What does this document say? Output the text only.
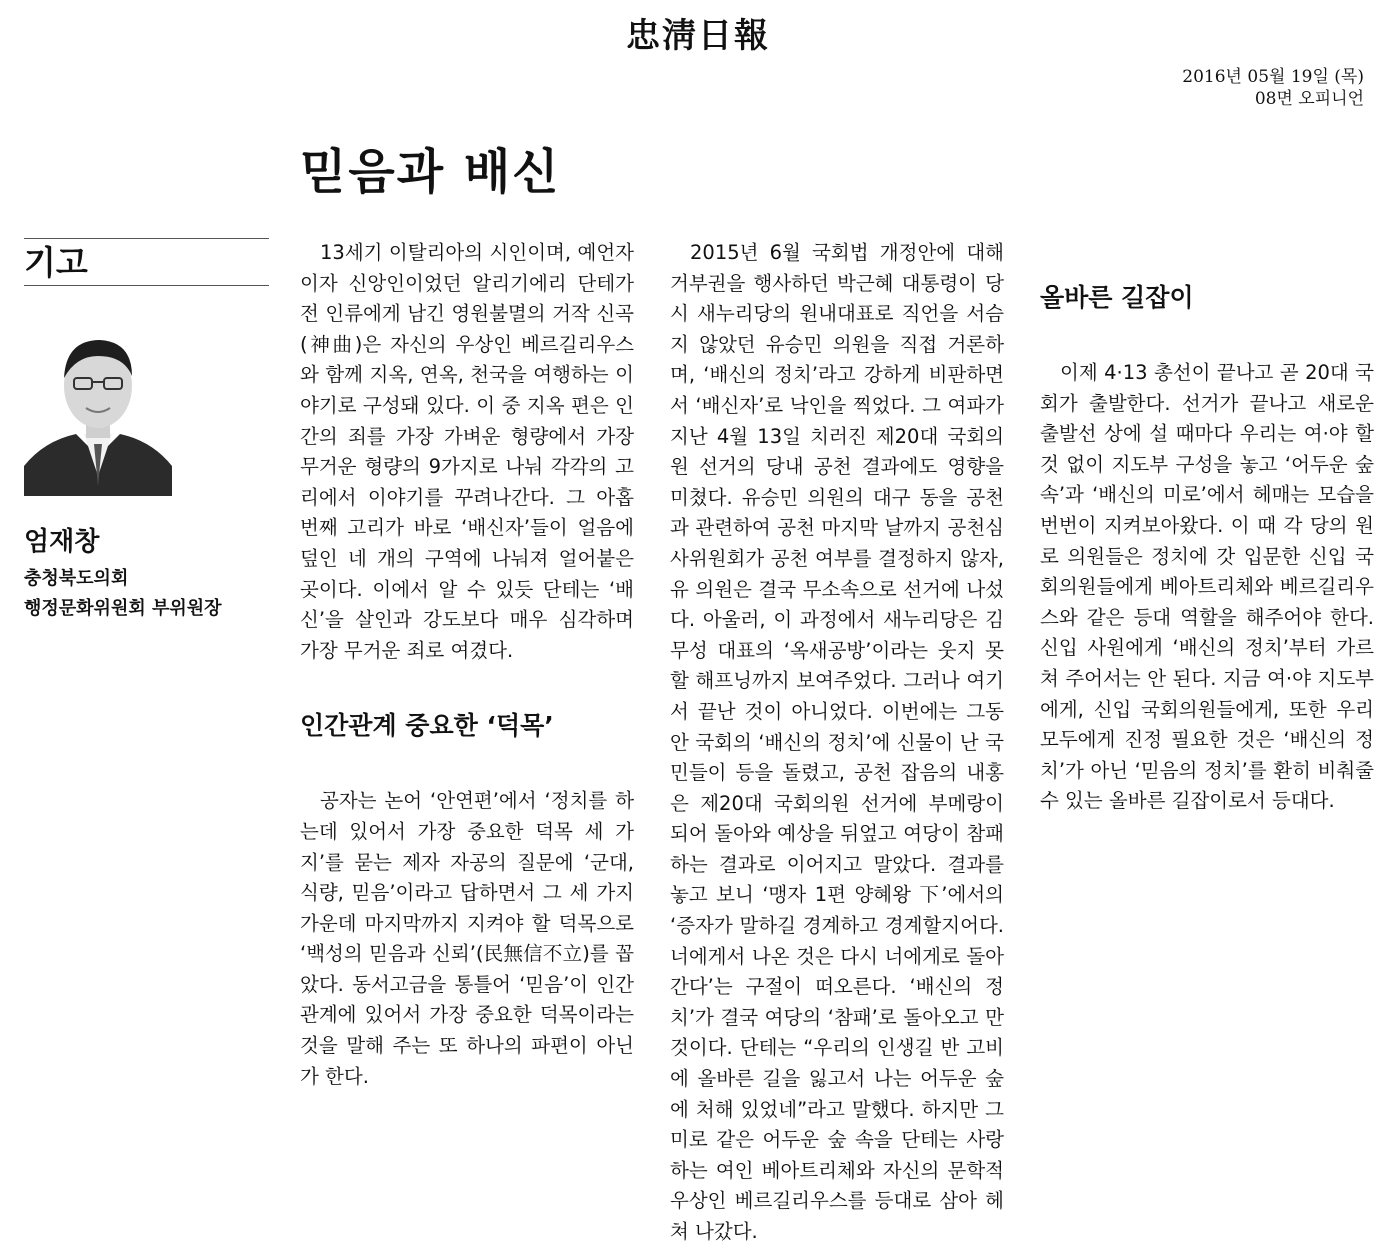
忠淸日報
2016년 05월 19일 (목)
08면 오피니언
믿음과 배신
기고
엄재창
충청북도의회
행정문화위원회 부위원장

13세기 이탈리아의 시인이며, 예언자이자 신앙인이었던 알리기에리 단테가 전 인류에게 남긴 영원불멸의 거작 신곡(神曲)은 자신의 우상인 베르길리우스와 함께 지옥, 연옥, 천국을 여행하는 이야기로 구성돼 있다. 이 중 지옥 편은 인간의 죄를 가장 가벼운 형량에서 가장 무거운 형량의 9가지로 나눠 각각의 고리에서 이야기를 꾸려나간다. 그 아홉 번째 고리가 바로 ‘배신자’들이 얼음에 덮인 네 개의 구역에 나눠져 얼어붙은 곳이다. 이에서 알 수 있듯 단테는 ‘배신’을 살인과 강도보다 매우 심각하며 가장 무거운 죄로 여겼다.

인간관계 중요한 ‘덕목’

공자는 논어 ‘안연편’에서 ‘정치를 하는데 있어서 가장 중요한 덕목 세 가지’를 묻는 제자 자공의 질문에 ‘군대, 식량, 믿음’이라고 답하면서 그 세 가지 가운데 마지막까지 지켜야 할 덕목으로 ‘백성의 믿음과 신뢰’(民無信不立)를 꼽았다. 동서고금을 통틀어 ‘믿음’이 인간관계에 있어서 가장 중요한 덕목이라는 것을 말해 주는 또 하나의 파편이 아닌가 한다.

2015년 6월 국회법 개정안에 대해 거부권을 행사하던 박근혜 대통령이 당시 새누리당의 원내대표로 직언을 서슴지 않았던 유승민 의원을 직접 거론하며, ‘배신의 정치’라고 강하게 비판하면서 ‘배신자’로 낙인을 찍었다. 그 여파가 지난 4월 13일 치러진 제20대 국회의원 선거의 당내 공천 결과에도 영향을 미쳤다. 유승민 의원의 대구 동을 공천과 관련하여 공천 마지막 날까지 공천심사위원회가 공천 여부를 결정하지 않자, 유 의원은 결국 무소속으로 선거에 나섰다. 아울러, 이 과정에서 새누리당은 김무성 대표의 ‘옥새공방’이라는 웃지 못 할 해프닝까지 보여주었다. 그러나 여기서 끝난 것이 아니었다. 이번에는 그동안 국회의 ‘배신의 정치’에 신물이 난 국민들이 등을 돌렸고, 공천 잡음의 내홍은 제20대 국회의원 선거에 부메랑이 되어 돌아와 예상을 뒤엎고 여당이 참패하는 결과로 이어지고 말았다. 결과를 놓고 보니 ‘맹자 1편 양혜왕 下’에서의 ‘증자가 말하길 경계하고 경계할지어다. 너에게서 나온 것은 다시 너에게로 돌아간다’는 구절이 떠오른다. ‘배신의 정치’가 결국 여당의 ‘참패’로 돌아오고 만 것이다. 단테는 “우리의 인생길 반 고비에 올바른 길을 잃고서 나는 어두운 숲에 처해 있었네”라고 말했다. 하지만 그 미로 같은 어두운 숲 속을 단테는 사랑하는 여인 베아트리체와 자신의 문학적 우상인 베르길리우스를 등대로 삼아 헤쳐 나갔다.

올바른 길잡이

이제 4·13 총선이 끝나고 곧 20대 국회가 출발한다. 선거가 끝나고 새로운 출발선 상에 설 때마다 우리는 여·야 할 것 없이 지도부 구성을 놓고 ‘어두운 숲 속’과 ‘배신의 미로’에서 헤매는 모습을 번번이 지켜보아왔다. 이 때 각 당의 원로 의원들은 정치에 갓 입문한 신입 국회의원들에게 베아트리체와 베르길리우스와 같은 등대 역할을 해주어야 한다. 신입 사원에게 ‘배신의 정치’부터 가르쳐 주어서는 안 된다. 지금 여·야 지도부에게, 신입 국회의원들에게, 또한 우리 모두에게 진정 필요한 것은 ‘배신의 정치’가 아닌 ‘믿음의 정치’를 환히 비춰줄 수 있는 올바른 길잡이로서 등대다.
